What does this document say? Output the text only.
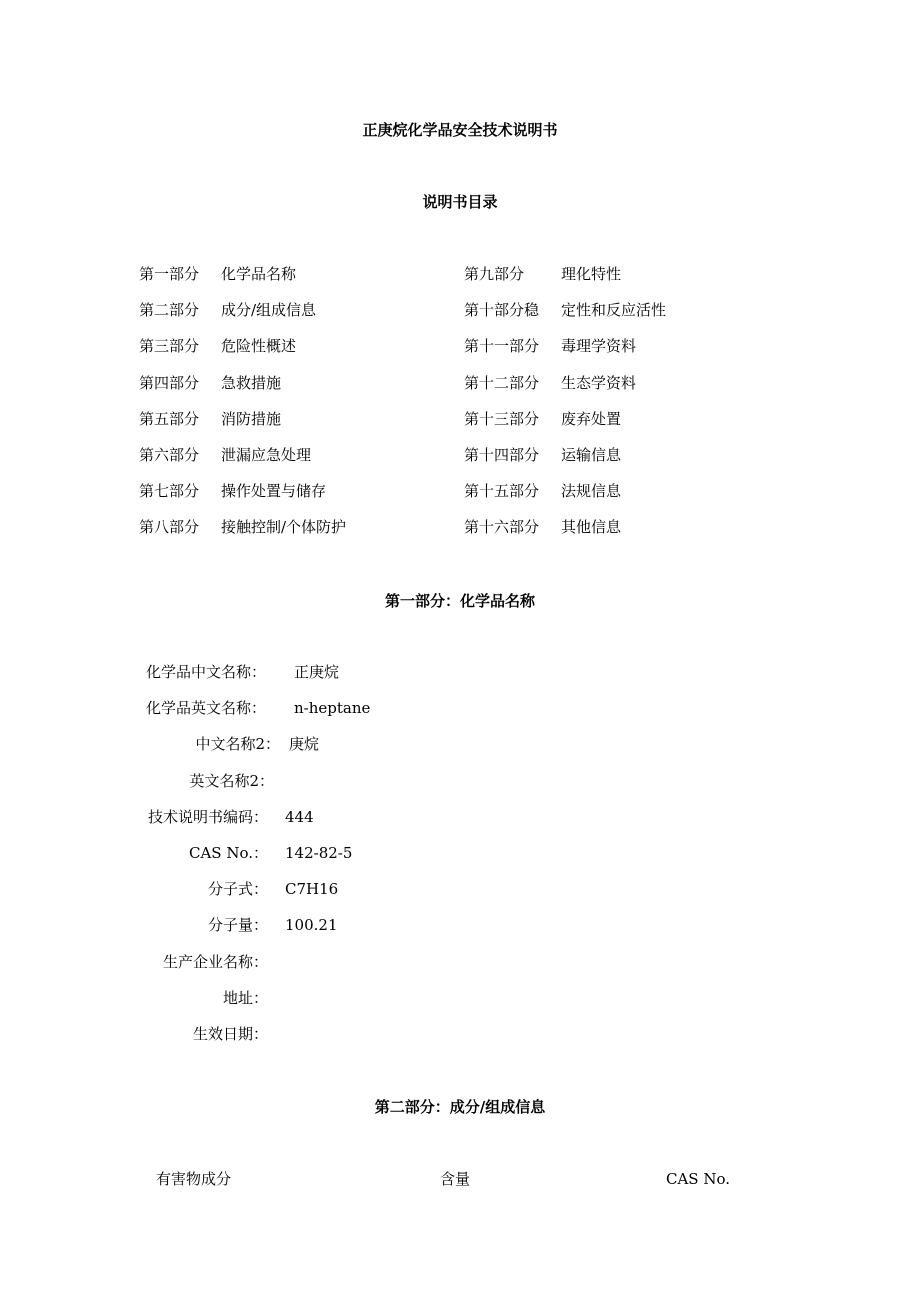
正庚烷化学品安全技术说明书
说明书目录
第一部分 化学品名称
第二部分 成分/组成信息
第三部分 危险性概述
第四部分 急救措施
第五部分 消防措施
第六部分 泄漏应急处理
第七部分 操作处置与储存
第八部分 接触控制/个体防护
第九部分 理化特性
第十部分稳 定性和反应活性
第十一部分 毒理学资料
第十二部分 生态学资料
第十三部分 废弃处置
第十四部分 运输信息
第十五部分 法规信息
第十六部分 其他信息
第一部分：化学品名称
化学品中文名称： 正庚烷
化学品英文名称： n-heptane
中文名称2： 庚烷
英文名称2：
技术说明书编码： 444
CAS No.： 142-82-5
分子式： C7H16
分子量： 100.21
生产企业名称：
地址：
生效日期：
第二部分：成分/组成信息
有害物成分	含量	CAS No.
